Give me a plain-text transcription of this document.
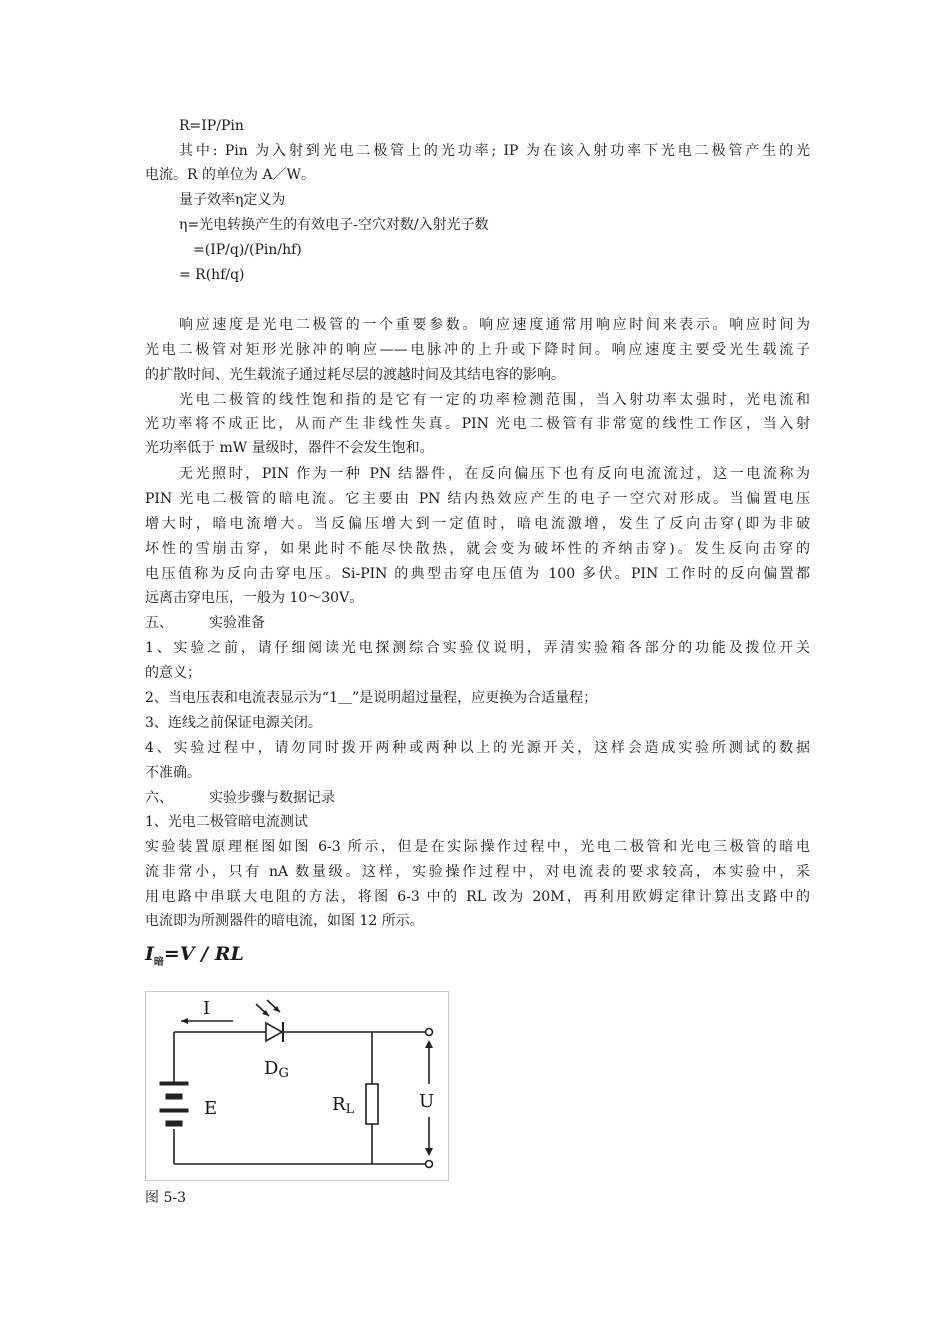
R=IP/Pin
其中: Pin 为入射到光电二极管上的光功率; IP 为在该入射功率下光电二极管产生的光
电流。R 的单位为 A／W。
量子效率η定义为
η=光电转换产生的有效电子-空穴对数/入射光子数
=(IP/q)/(Pin/hf)
= R(hf/q)
响应速度是光电二极管的一个重要参数。响应速度通常用响应时间来表示。响应时间为
光电二极管对矩形光脉冲的响应——电脉冲的上升或下降时间。响应速度主要受光生载流子
的扩散时间、光生载流子通过耗尽层的渡越时间及其结电容的影响。
光电二极管的线性饱和指的是它有一定的功率检测范围，当入射功率太强时，光电流和
光功率将不成正比，从而产生非线性失真。PIN 光电二极管有非常宽的线性工作区，当入射
光功率低于 mW 量级时，器件不会发生饱和。
无光照时，PIN 作为一种 PN 结器件，在反向偏压下也有反向电流流过，这一电流称为
PIN 光电二极管的暗电流。它主要由 PN 结内热效应产生的电子一空穴对形成。当偏置电压
增大时，暗电流增大。当反偏压增大到一定值时，暗电流激增，发生了反向击穿(即为非破
坏性的雪崩击穿，如果此时不能尽快散热，就会变为破坏性的齐纳击穿)。发生反向击穿的
电压值称为反向击穿电压。Si-PIN 的典型击穿电压值为 100 多伏。PIN 工作时的反向偏置都
远离击穿电压，一般为 10～30V。
五、	实验准备
1、实验之前，请仔细阅读光电探测综合实验仪说明，弄清实验箱各部分的功能及拨位开关
的意义；
2、当电压表和电流表显示为“1＿”是说明超过量程，应更换为合适量程；
3、连线之前保证电源关闭。
4、实验过程中，请勿同时拨开两种或两种以上的光源开关，这样会造成实验所测试的数据
不准确。
六、	实验步骤与数据记录
1、光电二极管暗电流测试
实验装置原理框图如图 6-3 所示，但是在实际操作过程中，光电二极管和光电三极管的暗电
流非常小，只有 nA 数量级。这样，实验操作过程中，对电流表的要求较高，本实验中，采
用电路中串联大电阻的方法，将图 6-3 中的 RL 改为 20M，再利用欧姆定律计算出支路中的
电流即为所测器件的暗电流，如图 12 所示。
$I_暗=V$ / RL
I
DG
E	RL	U
图 5-3
